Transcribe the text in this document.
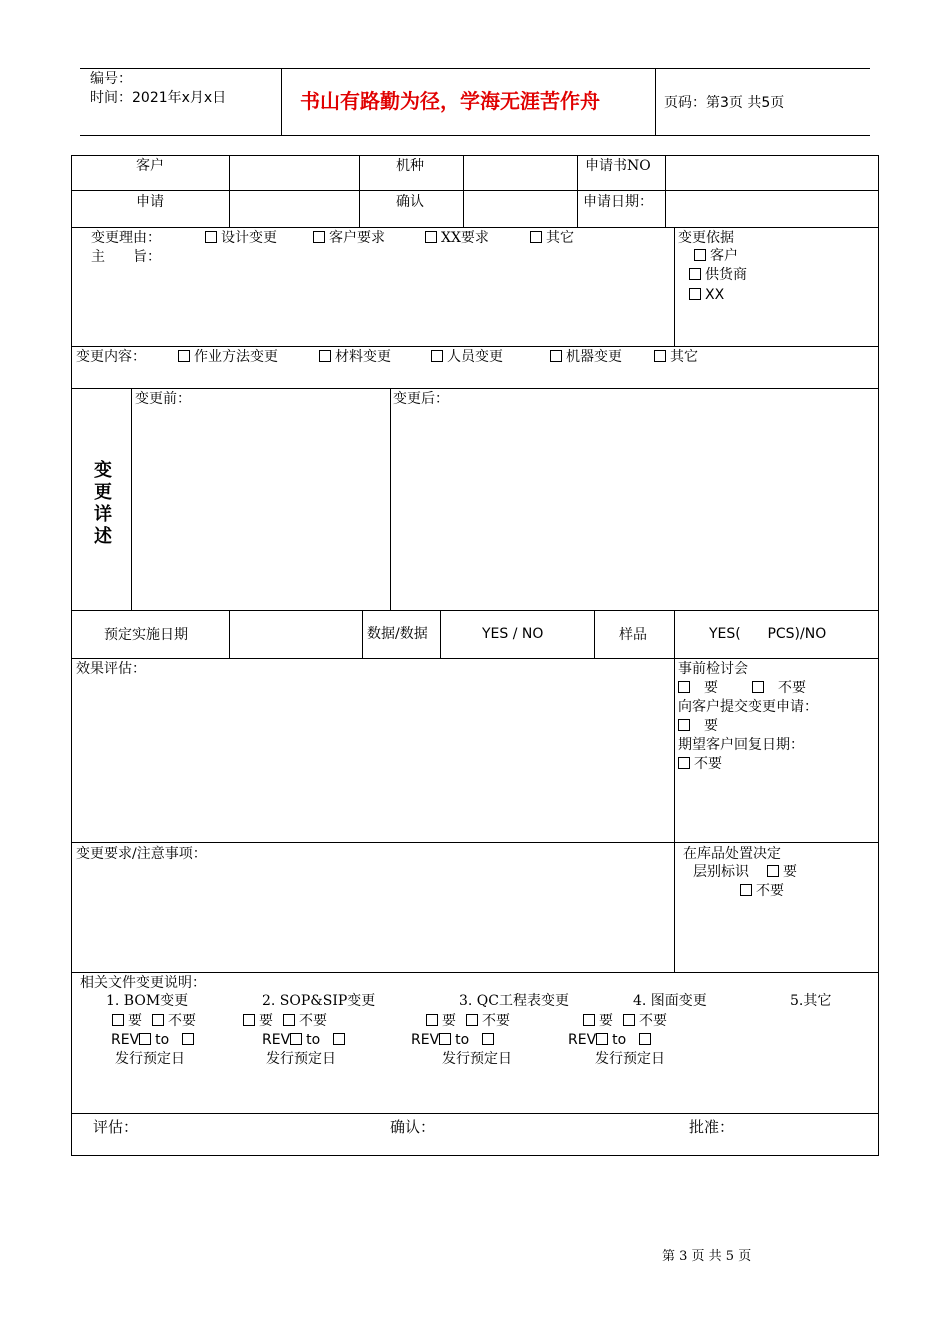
编号：
时间：2021年x月x日	书山有路勤为径，学海无涯苦作舟	页码：第3页 共5页
客户	机种	申请书NO
申请	确认	申请日期：
变更理由：	设计变更	客户要求	XX要求	其它
主　　旨：
变更依据
客户
供货商
XX
变更内容：	作业方法变更	材料变更	人员变更	机器变更	其它
变更详述
变更前：	变更后：
预定实施日期	数据/数据	YES / NO	样品	YES(      PCS)/NO
效果评估：	事前检讨会
要	不要
向客户提交变更申请：
要
期望客户回复日期：
不要
变更要求/注意事项：	在库品处置决定
层别标识	要
不要
相关文件变更说明：
1. BOM变更	2. SOP&SIP变更	3. QC工程表变更	4. 图面变更	5.其它
要 不要	要 不要	要 不要	要 不要
REV to	REV to	REV to	REV to
发行预定日	发行预定日	发行预定日	发行预定日
评估：	确认：	批准：
第 3 页 共 5 页
